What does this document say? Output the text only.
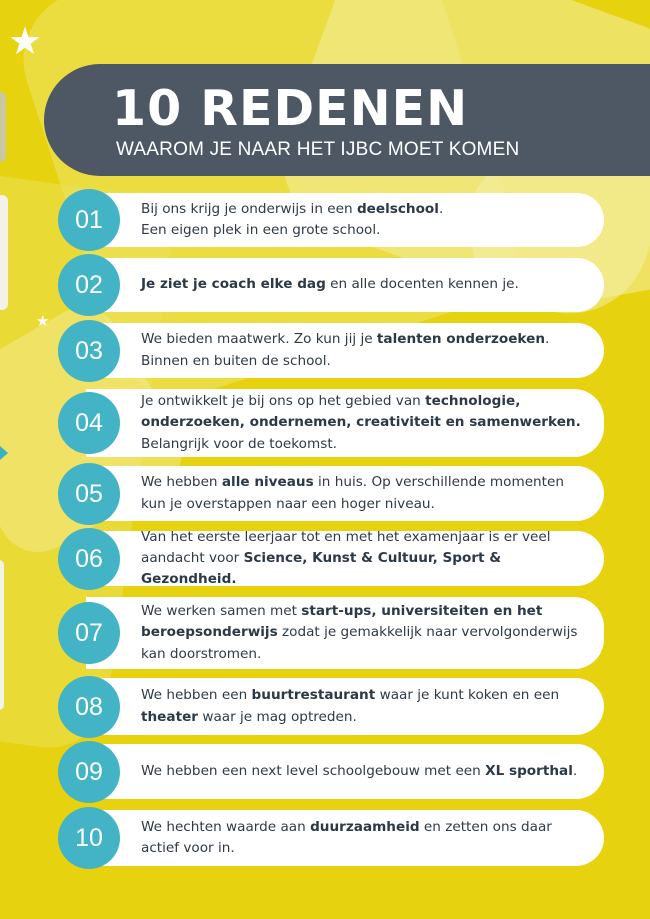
★
★
10 REDENEN
WAAROM JE NAAR HET IJBC MOET KOMEN
01	Bij ons krijg je onderwijs in een deelschool.
Een eigen plek in een grote school.

02	Je ziet je coach elke dag en alle docenten kennen je.

03	We bieden maatwerk. Zo kun jij je talenten onderzoeken.
Binnen en buiten de school.

04

Je ontwikkelt je bij ons op het gebied van technologie,
onderzoeken, ondernemen, creativiteit en samenwerken.
Belangrijk voor de toekomst.

05	We hebben alle niveaus in huis. Op verschillende momenten
kun je overstappen naar een hoger niveau.

06

Van het eerste leerjaar tot en met het examenjaar is er veel
aandacht voor Science, Kunst & Cultuur, Sport & Gezondheid.

07

We werken samen met start-ups, universiteiten en het
beroepsonderwijs zodat je gemakkelijk naar vervolgonderwijs
kan doorstromen.

08	We hebben een buurtrestaurant waar je kunt koken en een
theater waar je mag optreden.

09	We hebben een next level schoolgebouw met een XL sporthal.

10	We hechten waarde aan duurzaamheid en zetten ons daar
actief voor in.
